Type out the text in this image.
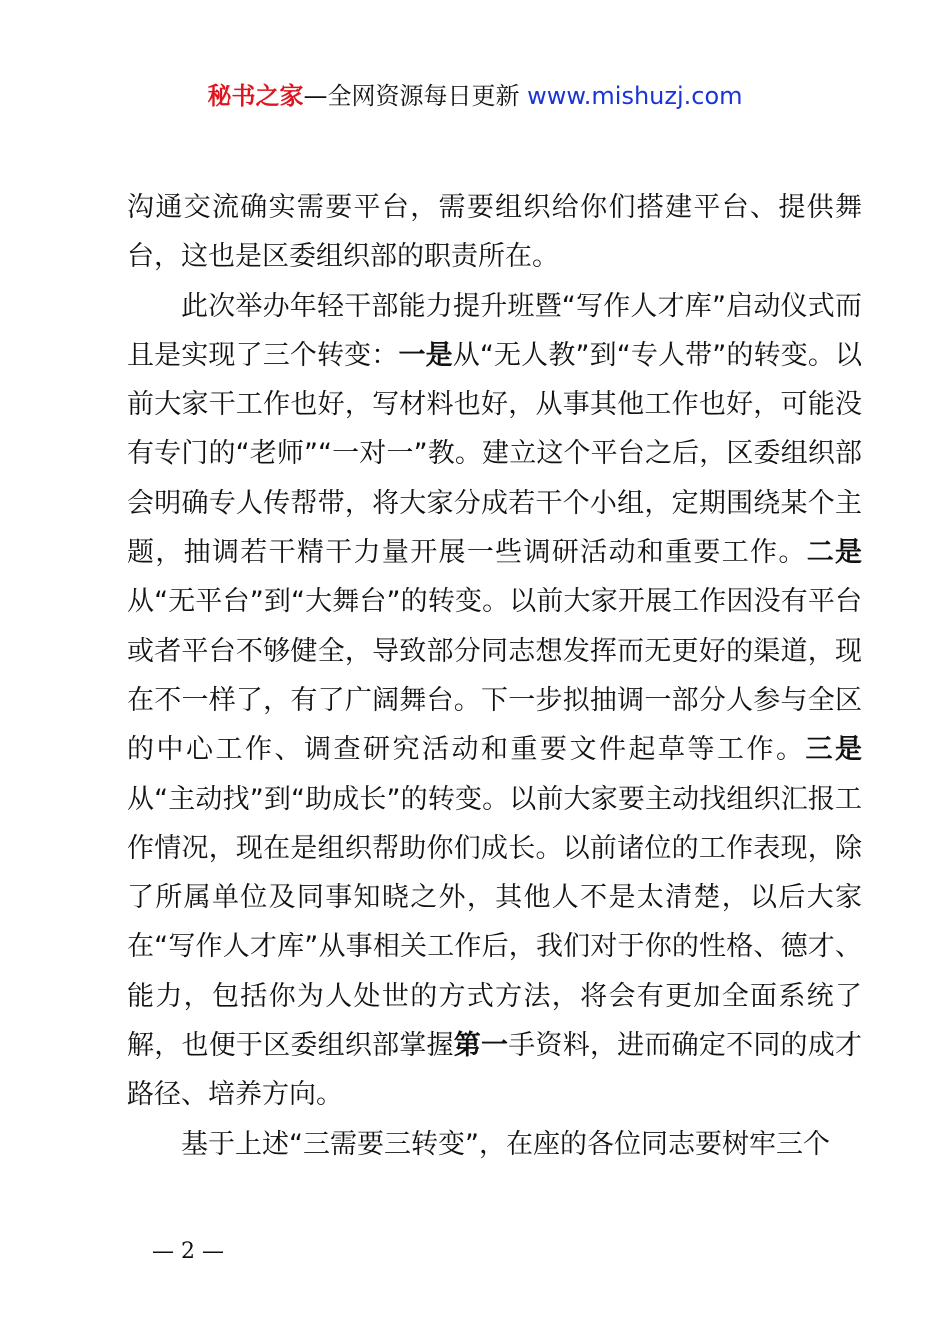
秘书之家—全网资源每日更新 www.mishuzj.com

沟通交流确实需要平台，需要组织给你们搭建平台、提供舞台，这也是区委组织部的职责所在。

此次举办年轻干部能力提升班暨“写作人才库”启动仪式而且是实现了三个转变：一是从“无人教”到“专人带”的转变。以前大家干工作也好，写材料也好，从事其他工作也好，可能没有专门的“老师”“一对一”教。建立这个平台之后，区委组织部会明确专人传帮带，将大家分成若干个小组，定期围绕某个主题，抽调若干精干力量开展一些调研活动和重要工作。二是从“无平台”到“大舞台”的转变。以前大家开展工作因没有平台或者平台不够健全，导致部分同志想发挥而无更好的渠道，现在不一样了，有了广阔舞台。下一步拟抽调一部分人参与全区的中心工作、调查研究活动和重要文件起草等工作。三是从“主动找”到“助成长”的转变。以前大家要主动找组织汇报工作情况，现在是组织帮助你们成长。以前诸位的工作表现，除了所属单位及同事知晓之外，其他人不是太清楚，以后大家在“写作人才库”从事相关工作后，我们对于你的性格、德才、能力，包括你为人处世的方式方法，将会有更加全面系统了解，也便于区委组织部掌握第一手资料，进而确定不同的成才路径、培养方向。

基于上述“三需要三转变”，在座的各位同志要树牢三个

— 2 —
